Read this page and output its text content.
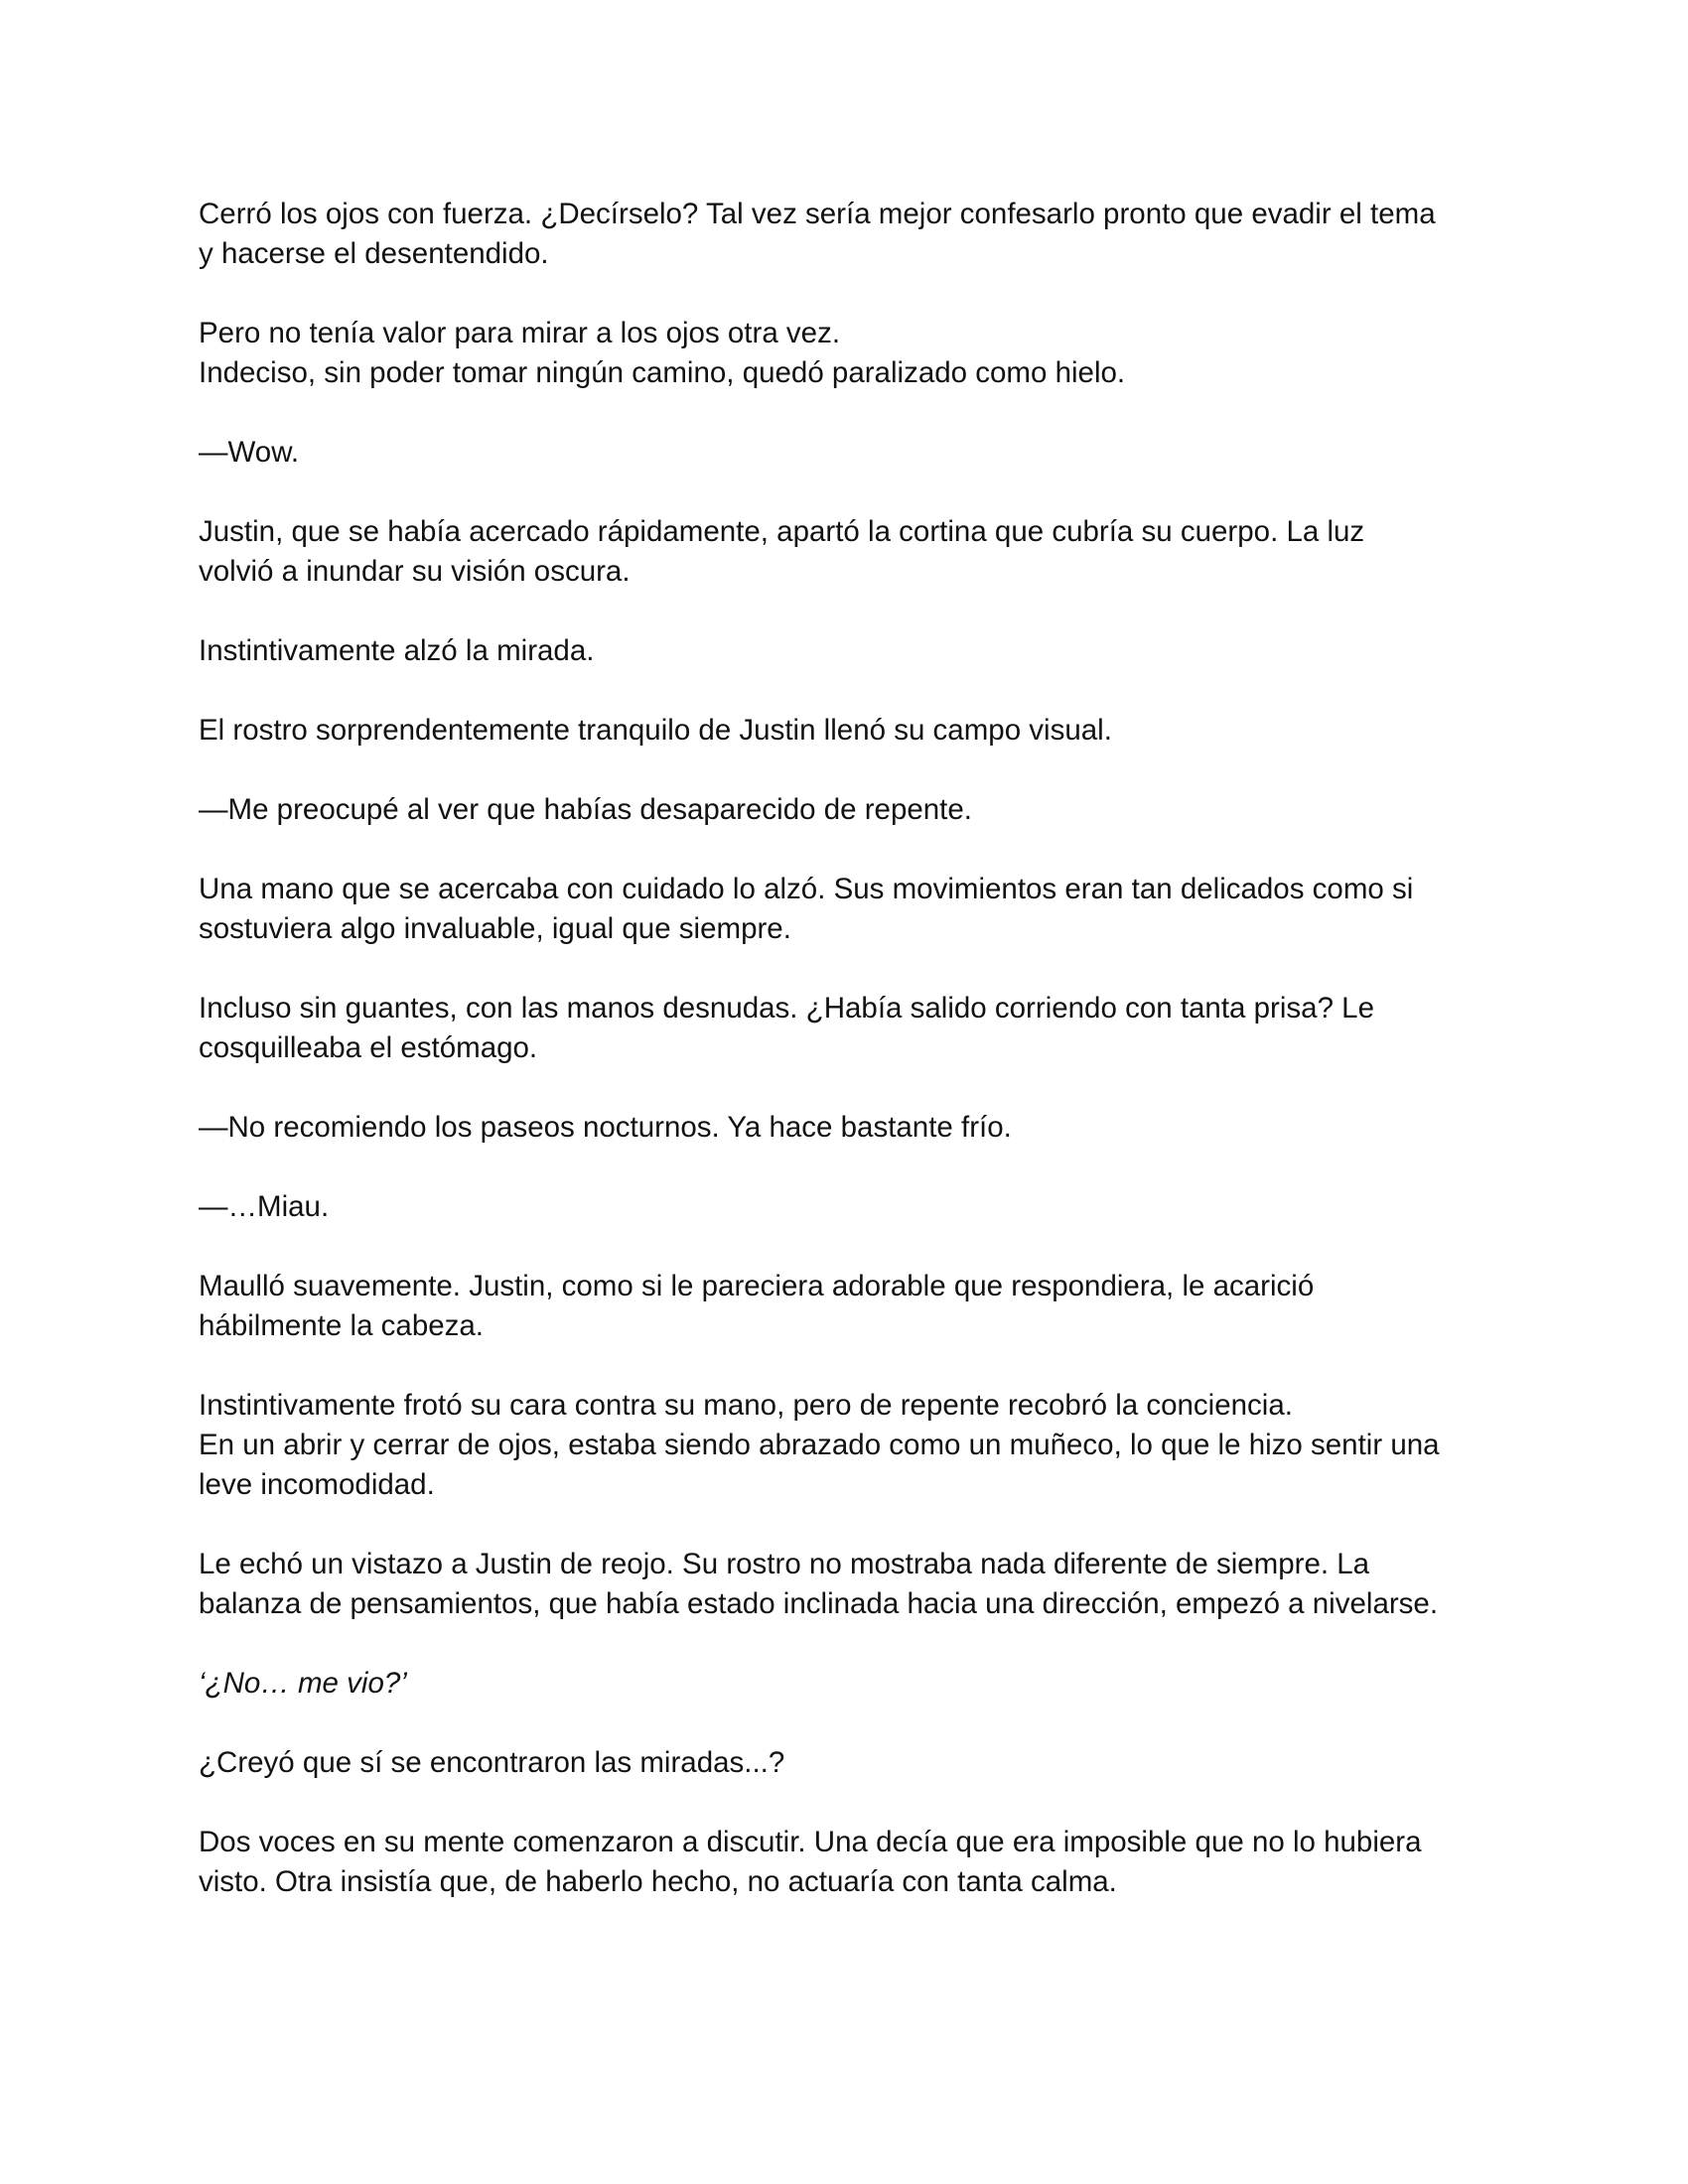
Cerró los ojos con fuerza. ¿Decírselo? Tal vez sería mejor confesarlo pronto que evadir el tema
y hacerse el desentendido.

Pero no tenía valor para mirar a los ojos otra vez.
Indeciso, sin poder tomar ningún camino, quedó paralizado como hielo.

—Wow.

Justin, que se había acercado rápidamente, apartó la cortina que cubría su cuerpo. La luz
volvió a inundar su visión oscura.

Instintivamente alzó la mirada.

El rostro sorprendentemente tranquilo de Justin llenó su campo visual.

—Me preocupé al ver que habías desaparecido de repente.

Una mano que se acercaba con cuidado lo alzó. Sus movimientos eran tan delicados como si
sostuviera algo invaluable, igual que siempre.

Incluso sin guantes, con las manos desnudas. ¿Había salido corriendo con tanta prisa? Le
cosquilleaba el estómago.

—No recomiendo los paseos nocturnos. Ya hace bastante frío.

—…Miau.

Maulló suavemente. Justin, como si le pareciera adorable que respondiera, le acarició
hábilmente la cabeza.

Instintivamente frotó su cara contra su mano, pero de repente recobró la conciencia.
En un abrir y cerrar de ojos, estaba siendo abrazado como un muñeco, lo que le hizo sentir una
leve incomodidad.

Le echó un vistazo a Justin de reojo. Su rostro no mostraba nada diferente de siempre. La
balanza de pensamientos, que había estado inclinada hacia una dirección, empezó a nivelarse.

‘¿No… me vio?’

¿Creyó que sí se encontraron las miradas...?

Dos voces en su mente comenzaron a discutir. Una decía que era imposible que no lo hubiera
visto. Otra insistía que, de haberlo hecho, no actuaría con tanta calma.
